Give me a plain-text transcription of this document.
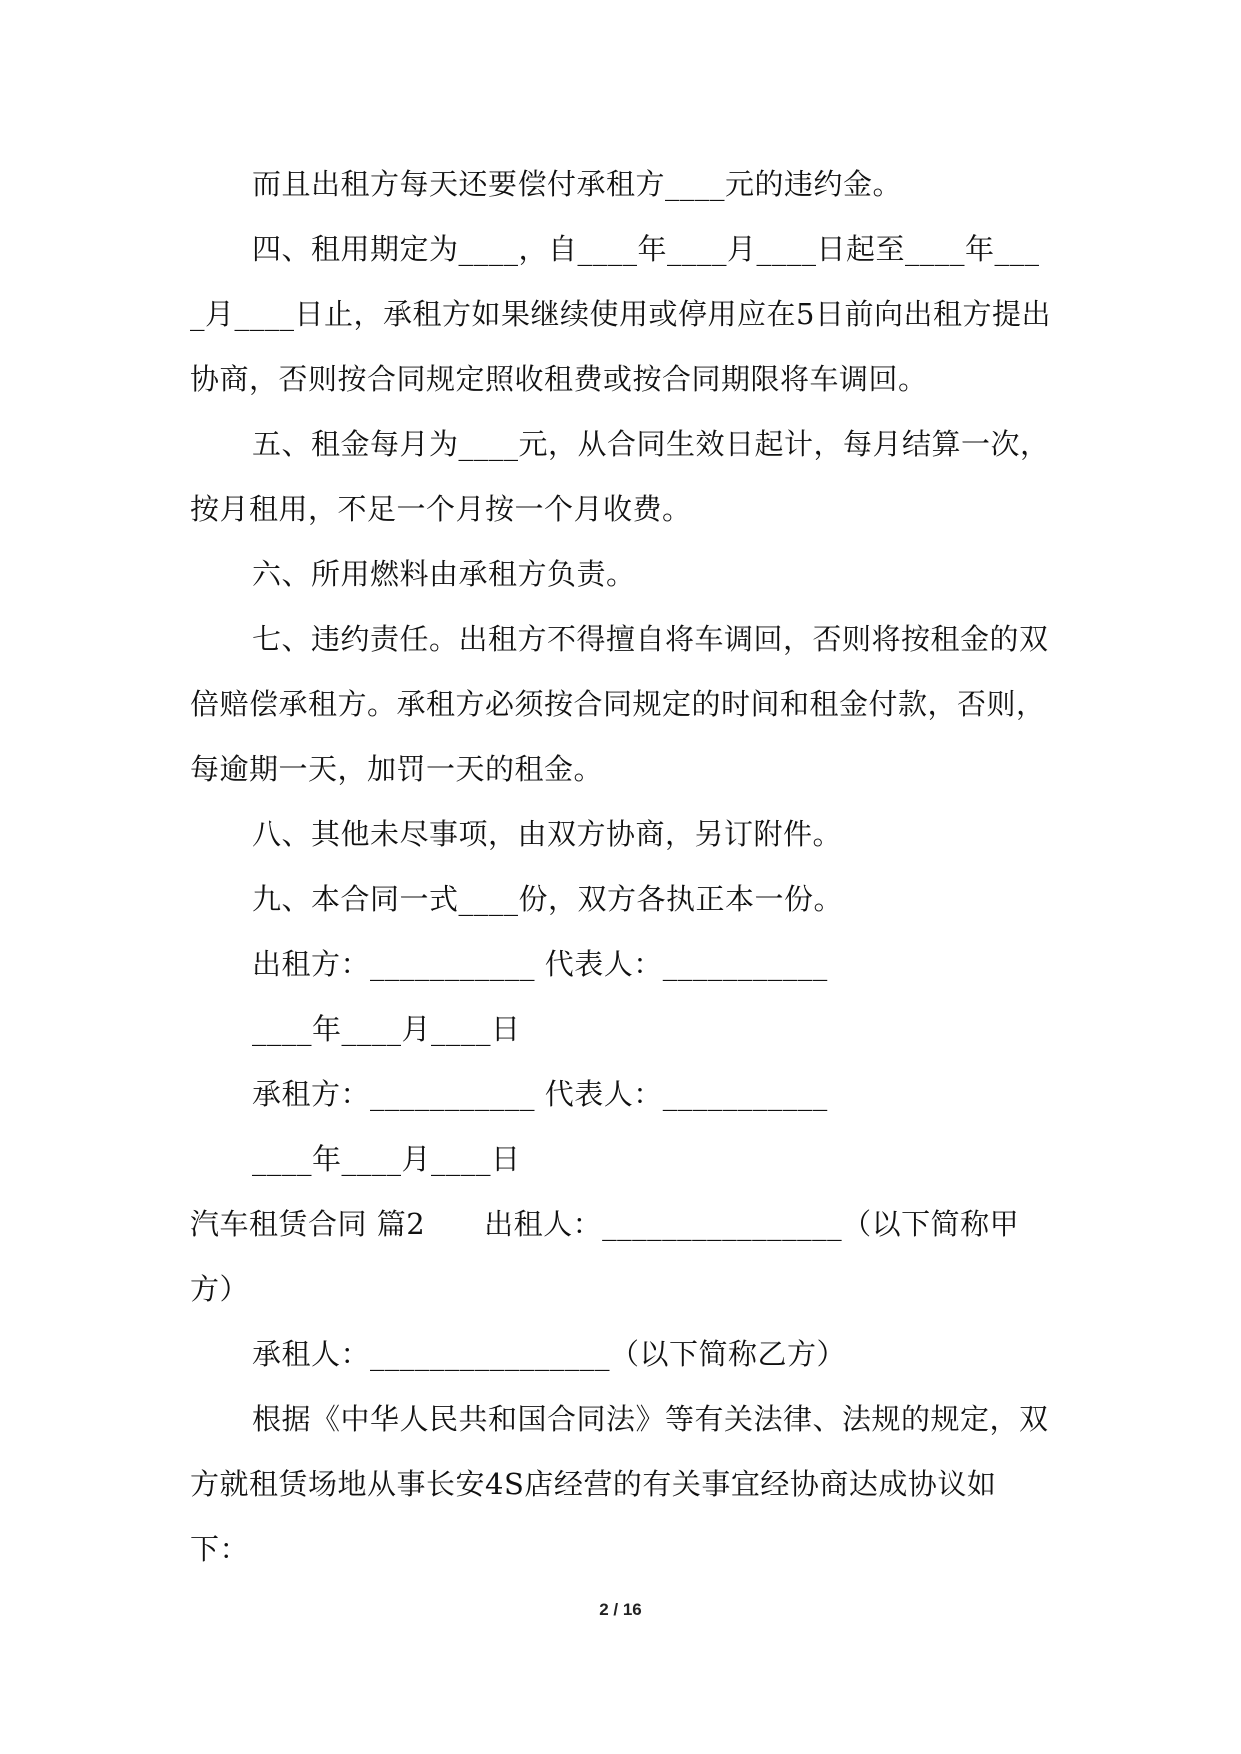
而且出租方每天还要偿付承租方____元的违约金。

四、租用期定为____，自____年____月____日起至____年____月____日止，承租方如果继续使用或停用应在5日前向出租方提出协商，否则按合同规定照收租费或按合同期限将车调回。

五、租金每月为____元，从合同生效日起计，每月结算一次，按月租用，不足一个月按一个月收费。

六、所用燃料由承租方负责。

七、违约责任。出租方不得擅自将车调回，否则将按租金的双倍赔偿承租方。承租方必须按合同规定的时间和租金付款，否则，每逾期一天，加罚一天的租金。

八、其他未尽事项，由双方协商，另订附件。

九、本合同一式____份，双方各执正本一份。

出租方：___________ 代表人：___________

____年____月____日

承租方：___________ 代表人：___________

____年____月____日

汽车租赁合同 篇2　　出租人：________________（以下简称甲方）

承租人：________________（以下简称乙方）

根据《中华人民共和国合同法》等有关法律、法规的规定，双方就租赁场地从事长安4S店经营的有关事宜经协商达成协议如下：

2 / 16
